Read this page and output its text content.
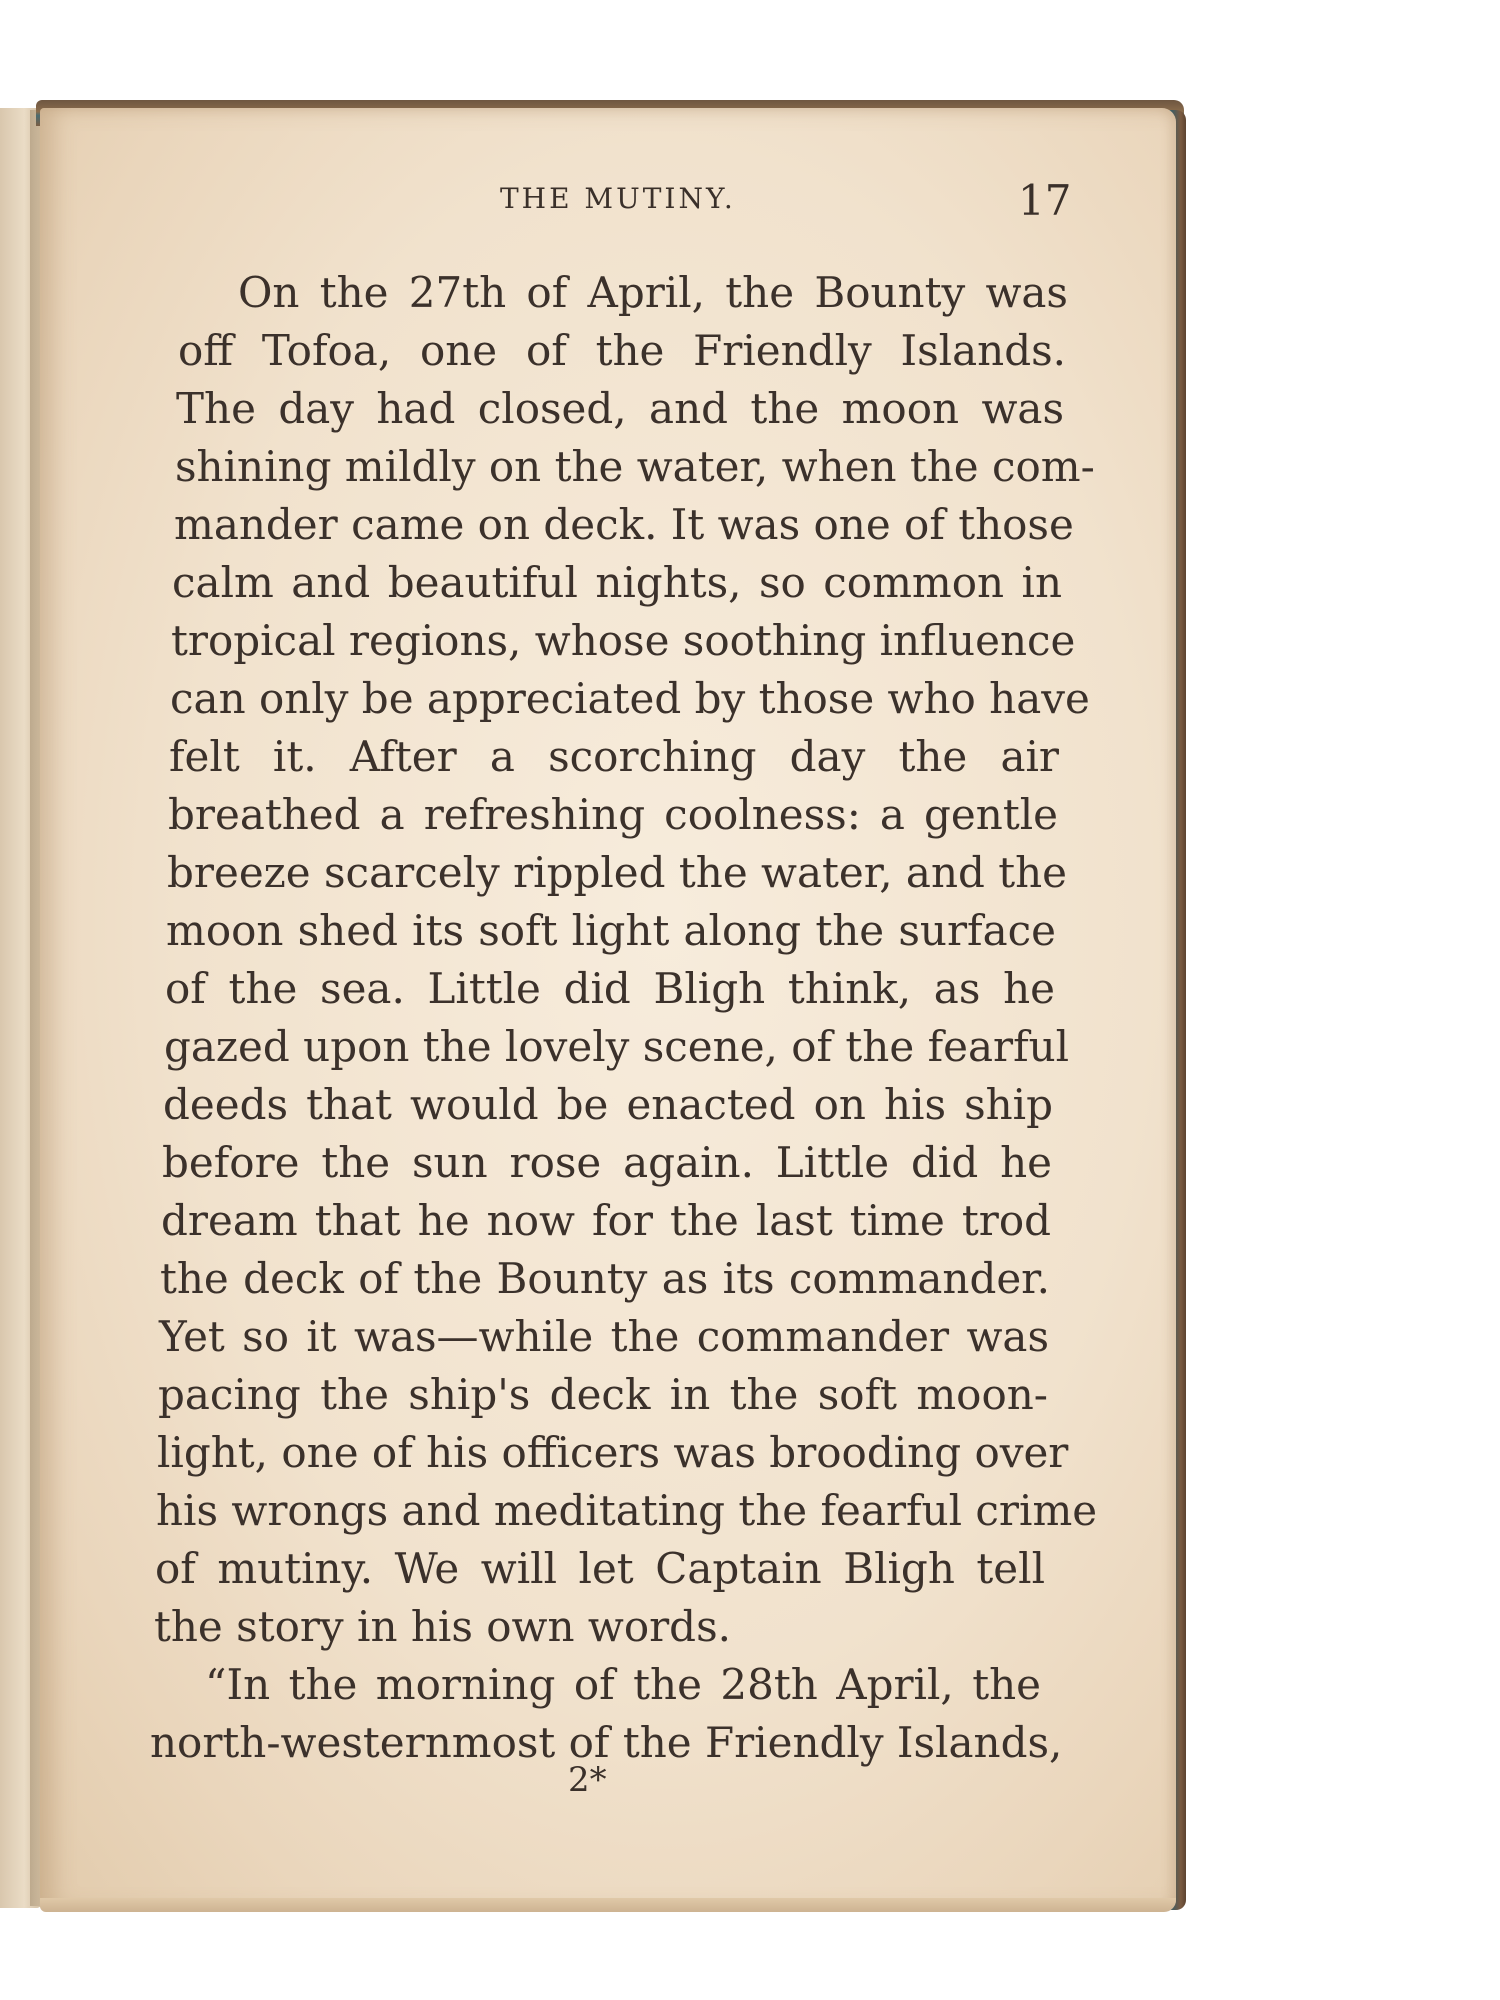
THE MUTINY.	17
On the 27th of April, the Bounty was
off Tofoa, one of the Friendly Islands.
The day had closed, and the moon was
shining mildly on the water, when the com-
mander came on deck. It was one of those
calm and beautiful nights, so common in
tropical regions, whose soothing influence
can only be appreciated by those who have
felt it. After a scorching day the air
breathed a refreshing coolness: a gentle
breeze scarcely rippled the water, and the
moon shed its soft light along the surface
of the sea. Little did Bligh think, as he
gazed upon the lovely scene, of the fearful
deeds that would be enacted on his ship
before the sun rose again. Little did he
dream that he now for the last time trod
the deck of the Bounty as its commander.
Yet so it was—while the commander was
pacing the ship's deck in the soft moon-
light, one of his officers was brooding over
his wrongs and meditating the fearful crime
of mutiny. We will let Captain Bligh tell
the story in his own words.
“In the morning of the 28th April, the
north-westernmost of the Friendly Islands,
2*
